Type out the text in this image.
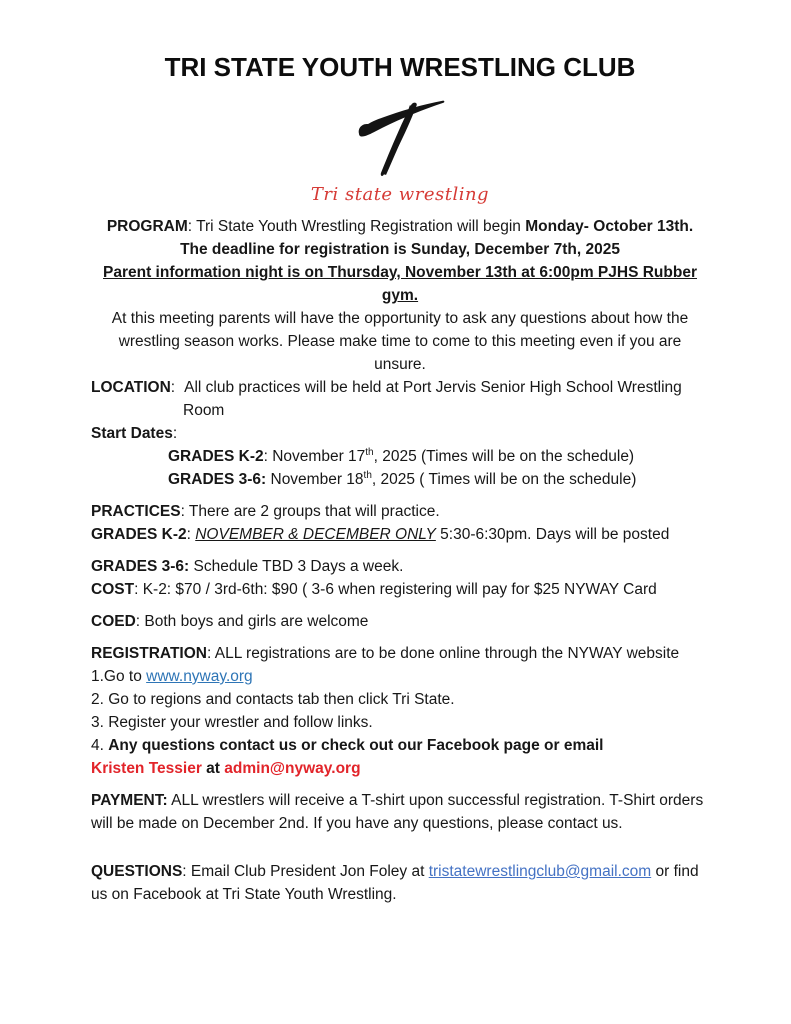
TRI STATE YOUTH WRESTLING CLUB
Tri state wrestling
PROGRAM: Tri State Youth Wrestling Registration will begin Monday- October 13th.
The deadline for registration is Sunday, December 7th, 2025
Parent information night is on Thursday, November 13th at 6:00pm PJHS Rubber gym.
At this meeting parents will have the opportunity to ask any questions about how the wrestling season works. Please make time to come to this meeting even if you are unsure.

LOCATION: All club practices will be held at Port Jervis Senior High School Wrestling Room

Start Dates:

GRADES K-2: November 17th, 2025 (Times will be on the schedule)

GRADES 3-6: November 18th, 2025 ( Times will be on the schedule)

PRACTICES: There are 2 groups that will practice.

GRADES K-2: NOVEMBER & DECEMBER ONLY 5:30-6:30pm. Days will be posted

GRADES 3-6: Schedule TBD 3 Days a week.

COST: K-2: $70 / 3rd-6th: $90 ( 3-6 when registering will pay for $25 NYWAY Card

COED: Both boys and girls are welcome

REGISTRATION: ALL registrations are to be done online through the NYWAY website

1.Go to www.nyway.org

2. Go to regions and contacts tab then click Tri State.

3. Register your wrestler and follow links.

4. Any questions contact us or check out our Facebook page or email

Kristen Tessier at admin@nyway.org

PAYMENT: ALL wrestlers will receive a T-shirt upon successful registration. T-Shirt orders will be made on December 2nd. If you have any questions, please contact us.

QUESTIONS: Email Club President Jon Foley at tristatewrestlingclub@gmail.com or find us on Facebook at Tri State Youth Wrestling.
